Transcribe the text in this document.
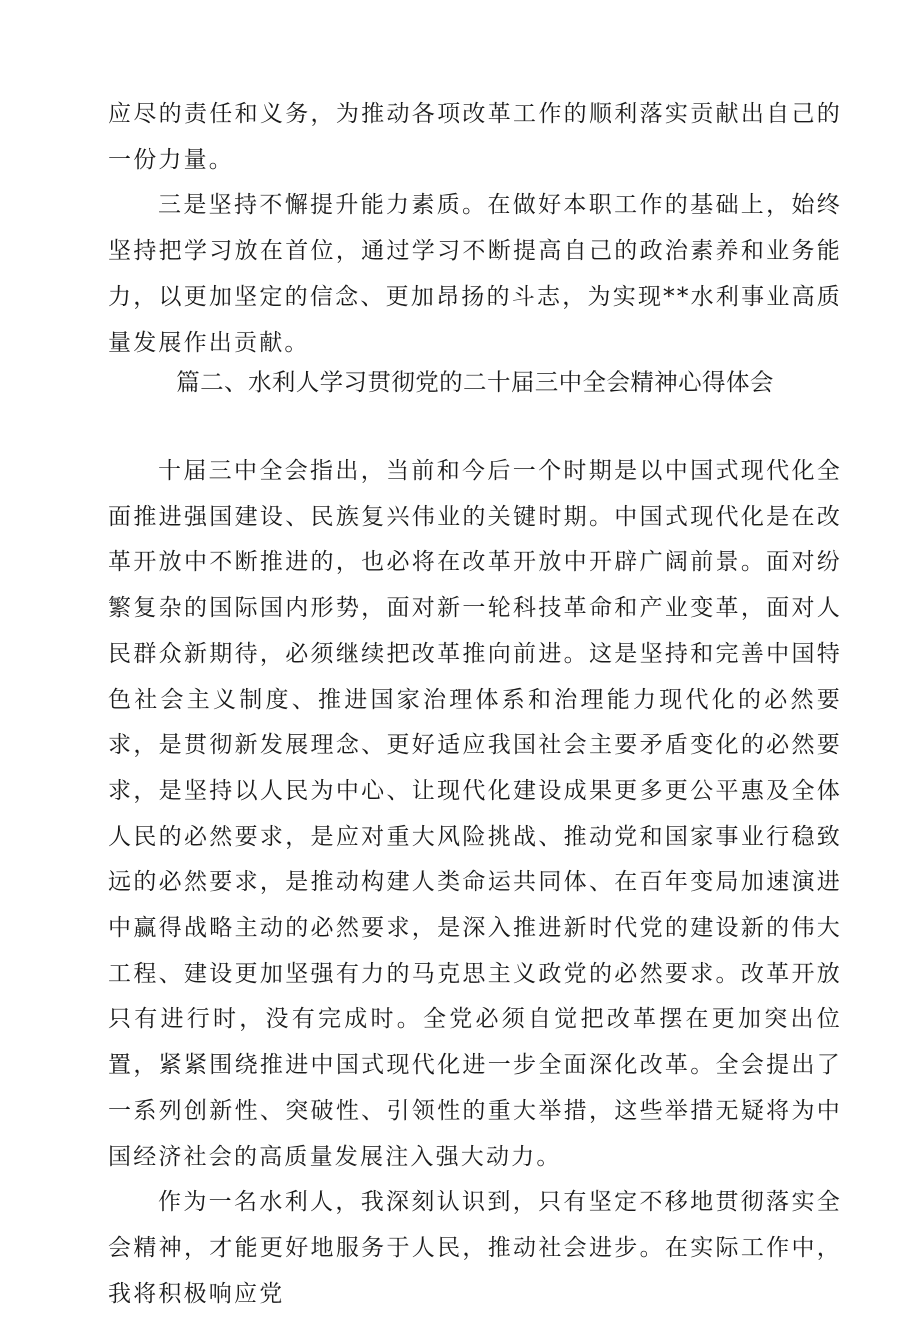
应尽的责任和义务，为推动各项改革工作的顺利落实贡献出自己的一份力量。

三是坚持不懈提升能力素质。在做好本职工作的基础上，始终坚持把学习放在首位，通过学习不断提高自己的政治素养和业务能力，以更加坚定的信念、更加昂扬的斗志，为实现**水利事业高质量发展作出贡献。

篇二、水利人学习贯彻党的二十届三中全会精神心得体会

十届三中全会指出，当前和今后一个时期是以中国式现代化全面推进强国建设、民族复兴伟业的关键时期。中国式现代化是在改革开放中不断推进的，也必将在改革开放中开辟广阔前景。面对纷繁复杂的国际国内形势，面对新一轮科技革命和产业变革，面对人民群众新期待，必须继续把改革推向前进。这是坚持和完善中国特色社会主义制度、推进国家治理体系和治理能力现代化的必然要求，是贯彻新发展理念、更好适应我国社会主要矛盾变化的必然要求，是坚持以人民为中心、让现代化建设成果更多更公平惠及全体人民的必然要求，是应对重大风险挑战、推动党和国家事业行稳致远的必然要求，是推动构建人类命运共同体、在百年变局加速演进中赢得战略主动的必然要求，是深入推进新时代党的建设新的伟大工程、建设更加坚强有力的马克思主义政党的必然要求。改革开放只有进行时，没有完成时。全党必须自觉把改革摆在更加突出位置，紧紧围绕推进中国式现代化进一步全面深化改革。全会提出了一系列创新性、突破性、引领性的重大举措，这些举措无疑将为中国经济社会的高质量发展注入强大动力。

作为一名水利人，我深刻认识到，只有坚定不移地贯彻落实全会精神，才能更好地服务于人民，推动社会进步。在实际工作中，我将积极响应党
